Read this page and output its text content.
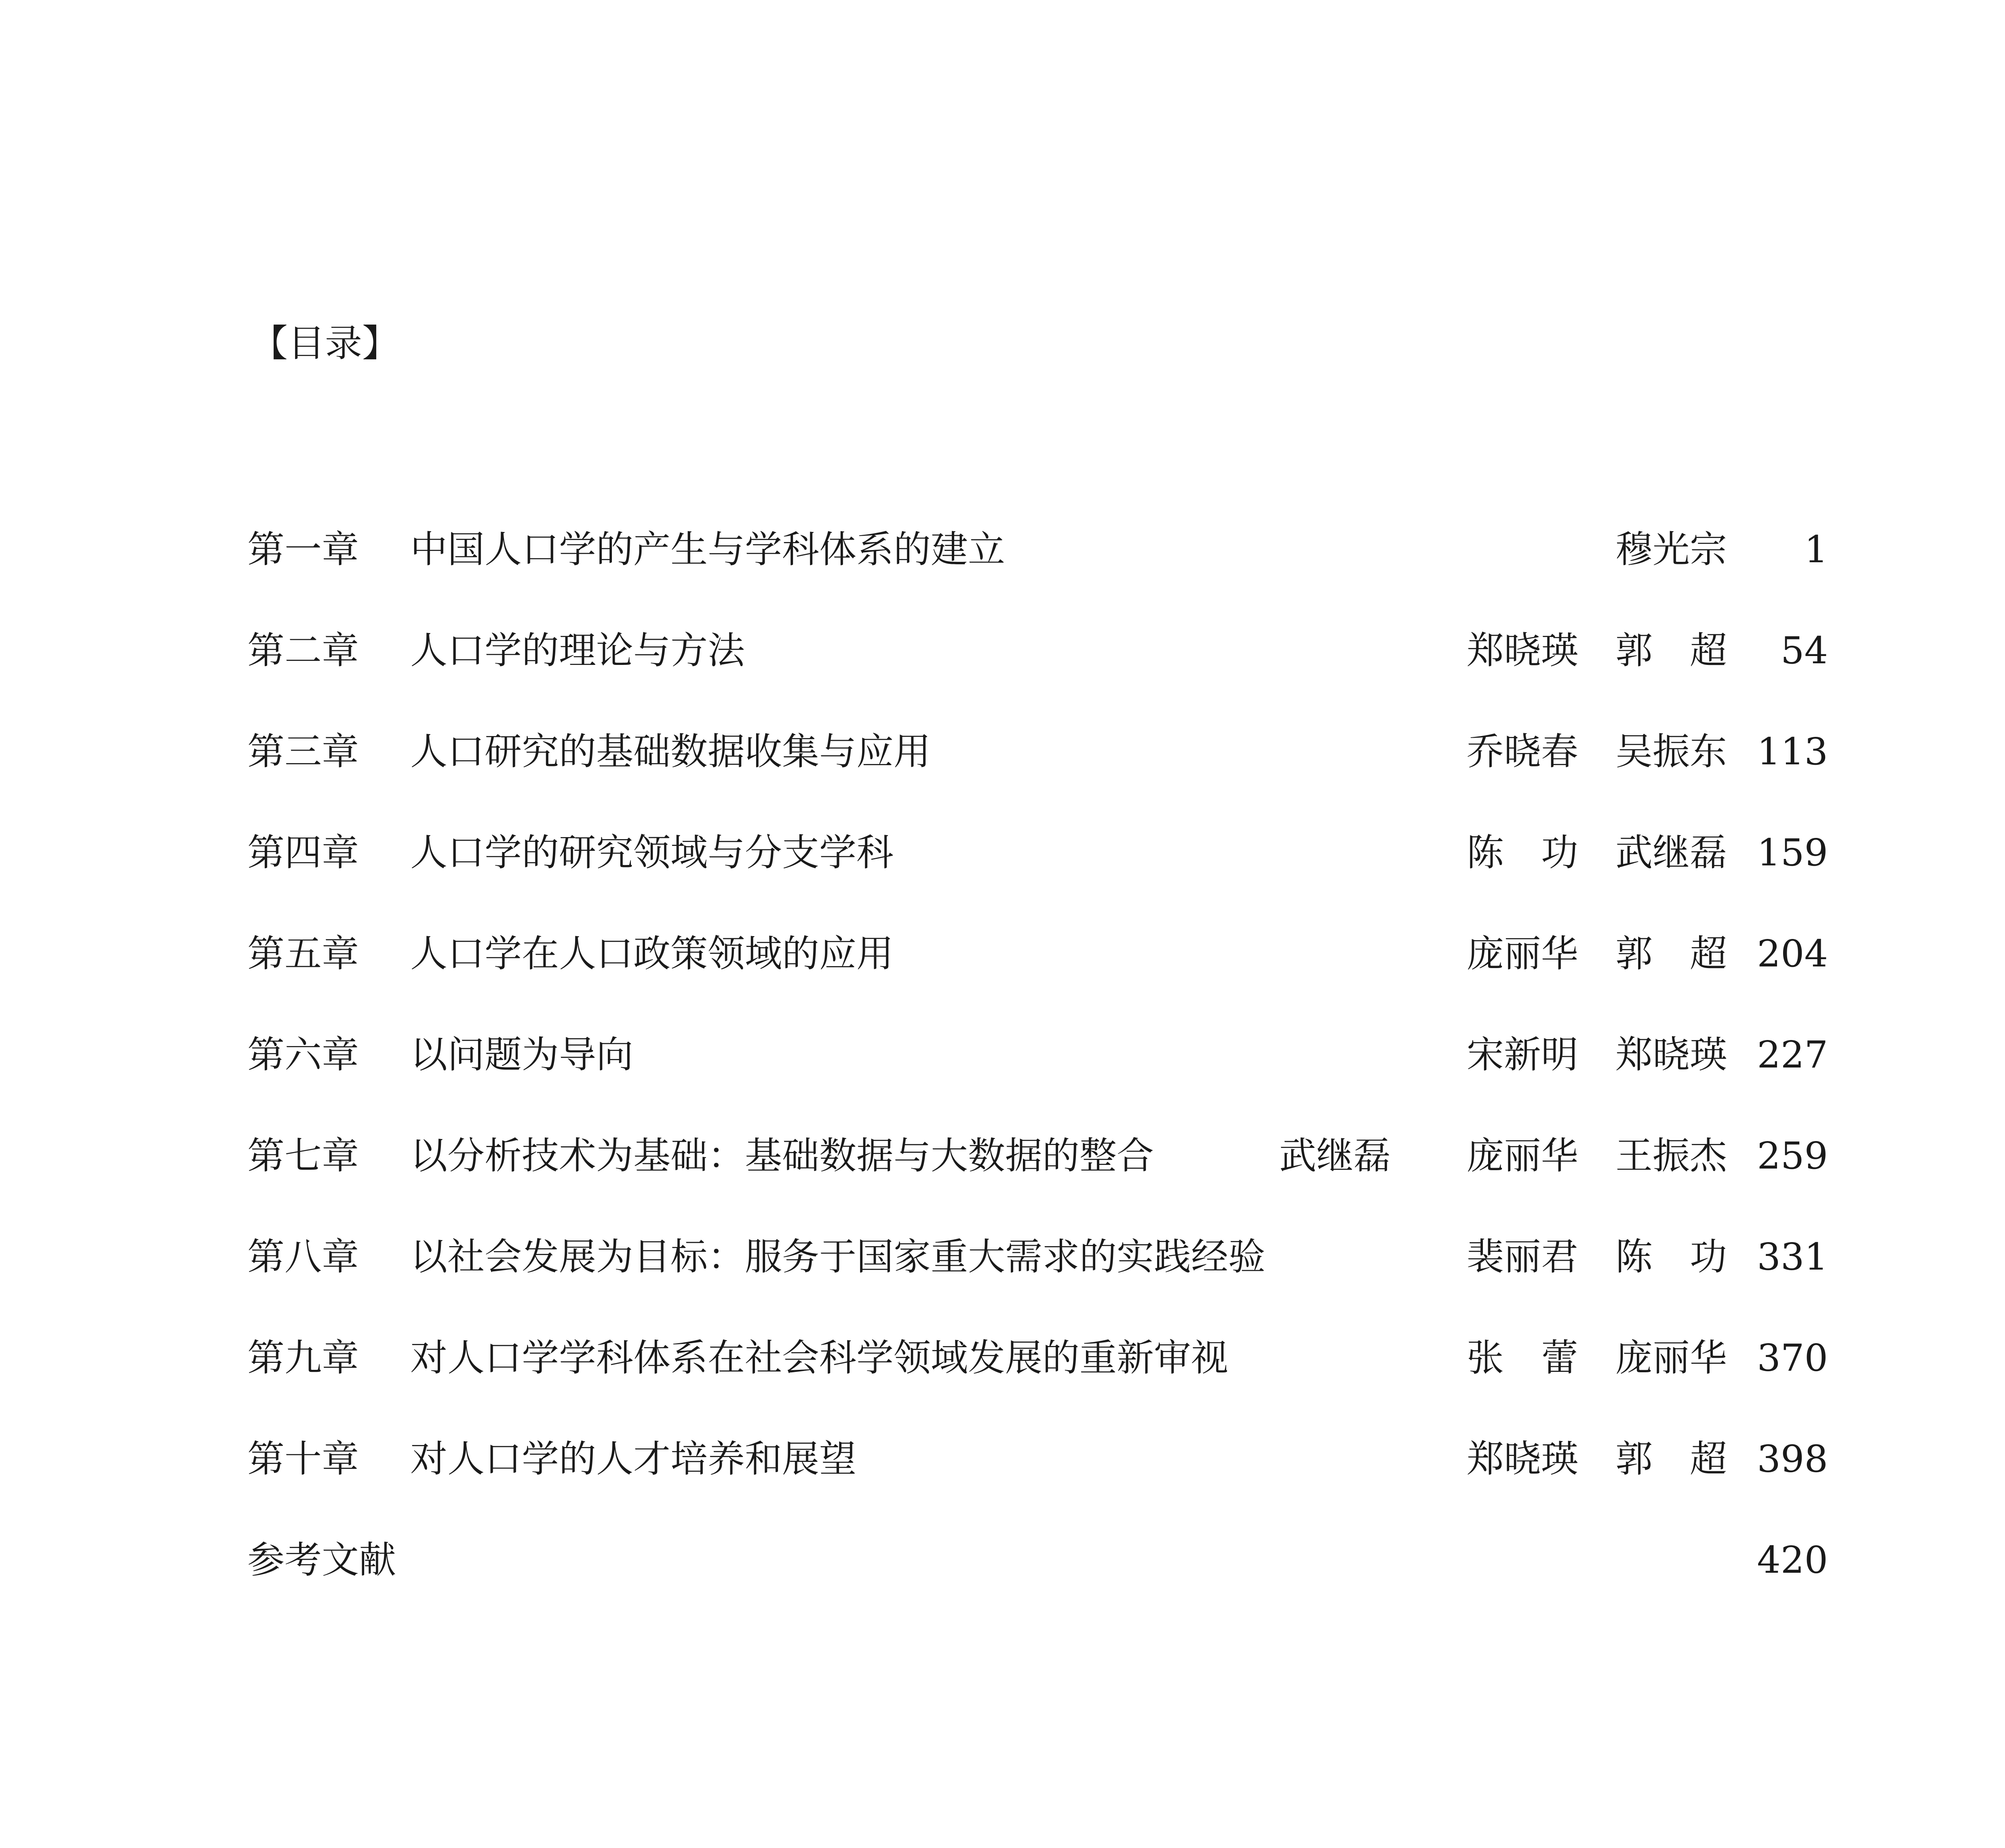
【目录】
第一章 中国人口学的产生与学科体系的建立	穆光宗 1
第二章 人口学的理论与方法	郑晓瑛　郭　超 54
第三章 人口研究的基础数据收集与应用	乔晓春　吴振东 113
第四章 人口学的研究领域与分支学科	陈　功　武继磊 159
第五章 人口学在人口政策领域的应用	庞丽华　郭　超 204
第六章 以问题为导向	宋新明　郑晓瑛 227
第七章 以分析技术为基础：基础数据与大数据的整合	武继磊 庞丽华　王振杰 259
第八章 以社会发展为目标：服务于国家重大需求的实践经验	裴丽君　陈　功 331
第九章 对人口学学科体系在社会科学领域发展的重新审视	张　蕾　庞丽华 370
第十章 对人口学的人才培养和展望	郑晓瑛　郭　超 398
参考文献	420
